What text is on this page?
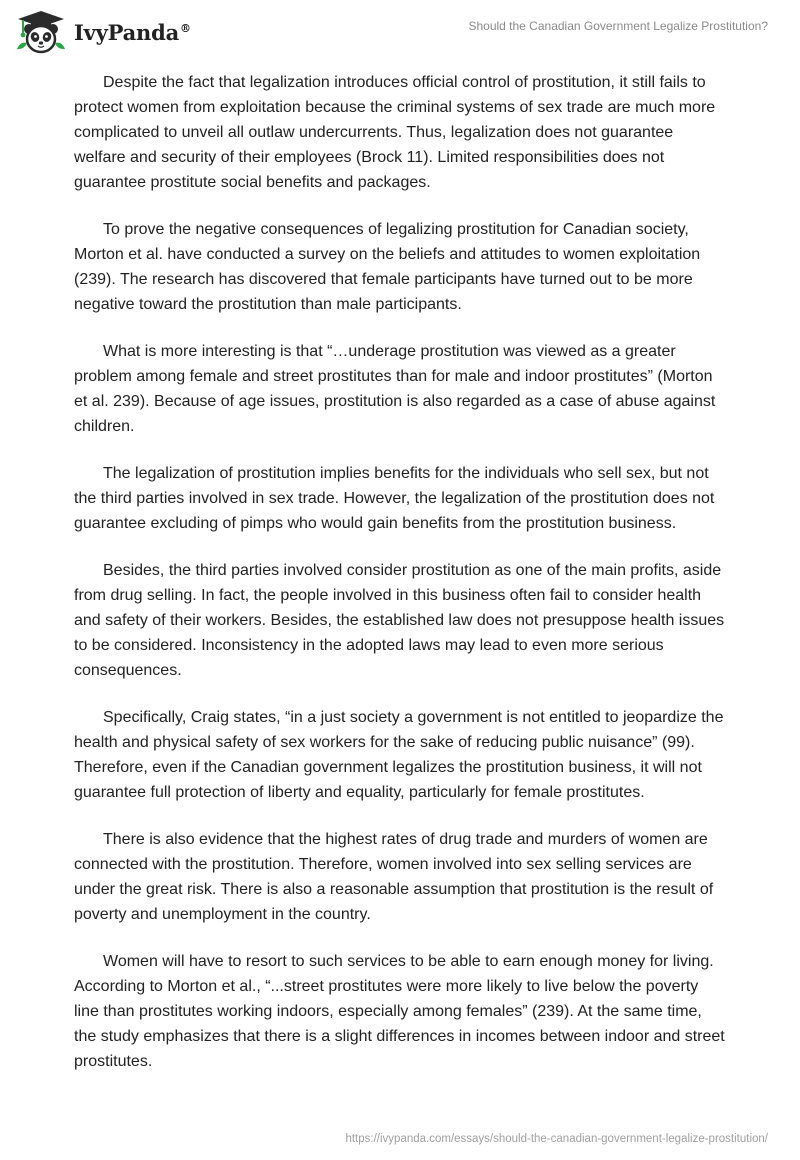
IvyPanda®	Should the Canadian Government Legalize Prostitution?

Despite the fact that legalization introduces official control of prostitution, it still fails to protect women from exploitation because the criminal systems of sex trade are much more complicated to unveil all outlaw undercurrents. Thus, legalization does not guarantee welfare and security of their employees (Brock 11). Limited responsibilities does not guarantee prostitute social benefits and packages.

To prove the negative consequences of legalizing prostitution for Canadian society, Morton et al. have conducted a survey on the beliefs and attitudes to women exploitation (239). The research has discovered that female participants have turned out to be more negative toward the prostitution than male participants.

What is more interesting is that “…underage prostitution was viewed as a greater problem among female and street prostitutes than for male and indoor prostitutes” (Morton et al. 239). Because of age issues, prostitution is also regarded as a case of abuse against children.

The legalization of prostitution implies benefits for the individuals who sell sex, but not the third parties involved in sex trade. However, the legalization of the prostitution does not guarantee excluding of pimps who would gain benefits from the prostitution business.

Besides, the third parties involved consider prostitution as one of the main profits, aside from drug selling. In fact, the people involved in this business often fail to consider health and safety of their workers. Besides, the established law does not presuppose health issues to be considered. Inconsistency in the adopted laws may lead to even more serious consequences.

Specifically, Craig states, “in a just society a government is not entitled to jeopardize the health and physical safety of sex workers for the sake of reducing public nuisance” (99). Therefore, even if the Canadian government legalizes the prostitution business, it will not guarantee full protection of liberty and equality, particularly for female prostitutes.

There is also evidence that the highest rates of drug trade and murders of women are connected with the prostitution. Therefore, women involved into sex selling services are under the great risk. There is also a reasonable assumption that prostitution is the result of poverty and unemployment in the country.

Women will have to resort to such services to be able to earn enough money for living. According to Morton et al., “...street prostitutes were more likely to live below the poverty line than prostitutes working indoors, especially among females” (239). At the same time, the study emphasizes that there is a slight differences in incomes between indoor and street prostitutes.

https://ivypanda.com/essays/should-the-canadian-government-legalize-prostitution/
